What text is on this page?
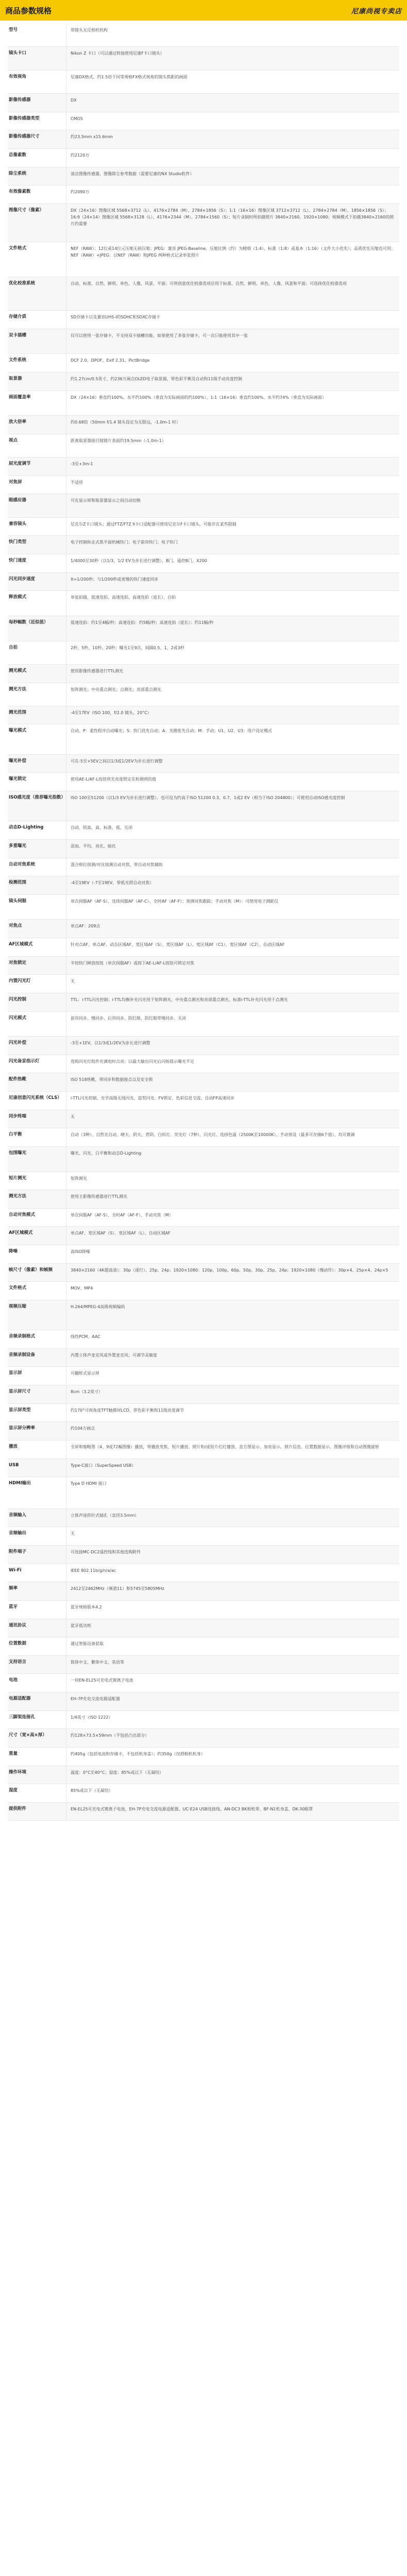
商品参数规格	尼康尚视专卖店
型号	带镜头无反相机机构
镜头卡口	Nikon Z 卡口（可以通过转接使用尼康F卡口镜头）
有效视角	尼康DX格式，约1.5倍于同等规格FX格式视角的镜头焦距的画面
影像传感器	DX
影像传感器类型	CMOS
影像传感器尺寸	约23.5mm x15.6mm
总像素数	约2120万
除尘系统	清洁图像传感器，图像除尘参考数据（需要尼康的NX Studio软件）
有效像素数	约2090万
图像尺寸（像素）	DX（24×16）图像区域 5568×3712（L）、4176×2784（M）、2784×1856（S）；1:1（16×16）图像区域 3712×3712（L）、2784×2784（M）、1856×1856（S）；16:9（24×14）图像区域 5568×3128（L）、4176×2344（M）、2784×1560（S）；短片录制时所拍摄照片 3840×2160、1920×1080；视频模式下拍摄3840×2160的照片约需要
文件格式	NEF（RAW）：12位或14位元压缩无损压缩；JPEG：兼容 JPEG-Baseline，压缩比例（约）为精细（1:4）、标准（1:8）或基本（1:16）（文件大小优先）；品质优先压缩也可用；NEF（RAW）+JPEG：以NEF（RAW）和JPEG 两种格式记录单张照片
优化校准系统	自动、标准、自然、鲜明、单色、人像、风景、平面；可将创意优化校准选项应用于标准、自然、鲜明、单色、人像、风景和平面；可选择优化校准选项
存储介质	SD存储卡以及兼容UHS-I的SDHC和SDXC存储卡
双卡插槽	仅可以使用一张存储卡，不支持双卡插槽功能，如果使用了多张存储卡，可一次只能使用其中一张
文件系统	DCF 2.0、DPOF、Exif 2.31、PictBridge
取景器	约1.27cm/0.5英寸、约236万画点OLED电子取景器，带色彩平衡及自动和11级手动亮度控制
画面覆盖率	DX（24×16）垂直约100%、水平约100%（垂直为实际画面的约100%）、1:1（16×16）垂直约100%、水平约74%（垂直为实际画面）
放大倍率	约0.68倍（50mm f/1.4 镜头设定为无限远，-1.0m-1 时）
视点	距离取景器接目镜镜片表面约19.5mm（-1.0m-1）
屈光度调节	-3至+3m-1
对焦屏	不适用
眼感应器	可在显示屏和取景器显示之间自动切换
兼容镜头	尼克尔Z卡口镜头；通过FTZ/FTZ II卡口适配器可使用尼克尔F卡口镜头，可能存在某些限制
快门类型	电子控制纵走式焦平面机械快门；电子前帘快门；电子快门
快门速度	1/4000至30秒（以1/3、1/2 EV为步长进行调整），B门，遥控B门，X200
闪光同步速度	X=1/200秒；与1/200秒或更慢的快门速度同步
释放模式	单张拍摄、低速连拍、高速连拍、高速连拍（延长）、自拍
每秒幅数（近似值）	低速连拍：约1至4幅/秒；高速连拍：约5幅/秒；高速连拍（延长）：约11幅/秒
自拍	2秒、5秒、10秒、20秒；曝光1至9次，间隔0.5、1、2或3秒
测光模式	使用影像传感器进行TTL测光
测光方法	矩阵测光；中央重点测光；点测光；亮部重点测光
测光范围	-4至17EV（ISO 100，f/2.0 镜头，20°C）
曝光模式	自动、P：柔性程序自动曝光；S：快门优先自动；A：光圈优先自动；M：手动；U1、U2、U3：用户设定模式
曝光补偿	可在-5至+5EV之间以1/3或1/2EV为步长进行调整
曝光锁定	使用AE-L/AF-L按钮将光亮度锁定在检测到的值
ISO感光度（推荐曝光指数）	ISO 100至51200（以1/3 EV为步长进行调整）。也可设为约高于ISO 51200 0.3、0.7、1或2 EV（相当于ISO 204800）；可使用自动ISO感光度控制
动态D-Lighting	自动、较高、高、标准、低、关闭
多重曝光	添加、平均、亮化、暗化
自动对焦系统	混合相位侦测/对比侦测自动对焦，带自动对焦辅助
检测范围	-4至19EV（-7至19EV，带低光照自动对焦）
镜头伺服	单次伺服AF（AF-S）、连续伺服AF（AF-C）、全时AF（AF-F）；预测对焦跟踪；手动对焦（M）：可使用电子测距仪
对焦点	单点AF：209点
AF区域模式	针对点AF、单点AF、动态区域AF、宽区域AF（S）、宽区域AF（L）、宽区域AF（C1）、宽区域AF（C2）、自动区域AF
对焦锁定	半按快门释放按钮（单次伺服AF）或按下AE-L/AF-L按钮可锁定对焦
内置闪光灯	无
闪光控制	TTL：i-TTL闪光控制；i-TTL均衡补充闪光用于矩阵测光、中央重点测光和亮部重点测光，标准i-TTL补充闪光用于点测光
闪光模式	前帘同步、慢同步、后帘同步、防红眼、防红眼带慢同步、关闭
闪光补偿	-3至+1EV，以1/3或1/2EV为步长进行调整
闪光备妥指示灯	选购闪光灯组件充满电时点亮；以最大输出闪光后闪烁提示曝光不足
配件热靴	ISO 518热靴，带同步和数据接点以及安全锁
尼康创意闪光系统（CLS）	i-TTL闪光控制、光学高级无线闪光、造型闪光、FV锁定、色彩信息交流、自动FP高速同步
同步终端	无
白平衡	自动（3种）、自然光自动、晴天、阴天、背阴、白炽灯、荧光灯（7种）、闪光灯、选择色温（2500K至10000K）、手动预设（最多可存储6个值），均可微调
包围曝光	曝光、闪光、白平衡和动态D-Lighting
短片测光	矩阵测光
测光方法	使用主影像传感器进行TTL测光
自动对焦模式	单次伺服AF（AF-S）、全时AF（AF-F）、手动对焦（M）
AF区域模式	单点AF、宽区域AF（S）、宽区域AF（L）、自动区域AF
降噪	高ISO降噪
帧尺寸（像素）和帧频	3840×2160（4K超高清）：30p（逐行）、25p、24p；1920×1080：120p、100p、60p、50p、30p、25p、24p；1920×1080（慢动作）：30p×4、25p×4、24p×5
文件格式	MOV、MP4
视频压缩	H.264/MPEG-4高级视频编码
音频录制格式	线性PCM、AAC
音频录制设备	内置立体声麦克风或外置麦克风；可调节灵敏度
显示屏	可翻转式显示屏
显示屏尺寸	8cm（3.2英寸）
显示屏类型	约170°可视角度TFT触摸屏LCD，带色彩平衡和11级亮度调节
显示屏分辨率	约104万画点
播放	全屏和缩略图（4、9或72幅图像）播放，带播放变焦、短片播放、照片和/或短片幻灯播放、直方图显示、加亮显示、照片信息、位置数据显示、图像评级和自动图像旋转
USB	Type-C接口（SuperSpeed USB）
HDMI输出	Type D HDMI 接口
音频输入	立体声迷你针式插孔（直径3.5mm）
音频输出	无
附件端子	可连接MC-DC2遥控线和其他选购附件
Wi-Fi	IEEE 802.11b/g/n/a/ac
频率	2412至2462MHz（频道11）和5745至5805MHz
蓝牙	蓝牙规格版本4.2
通讯协议	蓝牙低功耗
位置数据	通过智能设备获取
支持语言	简体中文、繁体中文、英语等
电池	一块EN-EL25可充电式锂离子电池
电源适配器	EH-7P充电交流电源适配器
三脚架连接孔	1/4英寸（ISO 1222）
尺寸（宽×高×厚）	约128×73.5×59mm（不包括凸出部分）
重量	约405g（包括电池和存储卡，不包括机身盖）；约350g（仅照相机机身）
操作环境	温度：0°C至40°C；湿度：85%或以下（无凝结）
湿度	85%或以下（无凝结）
提供附件	EN-EL25可充电式锂离子电池、EH-7P充电交流电源适配器、UC-E24 USB连接线、AN-DC3 BK相机带、BF-N1机身盖、DK-30眼罩
